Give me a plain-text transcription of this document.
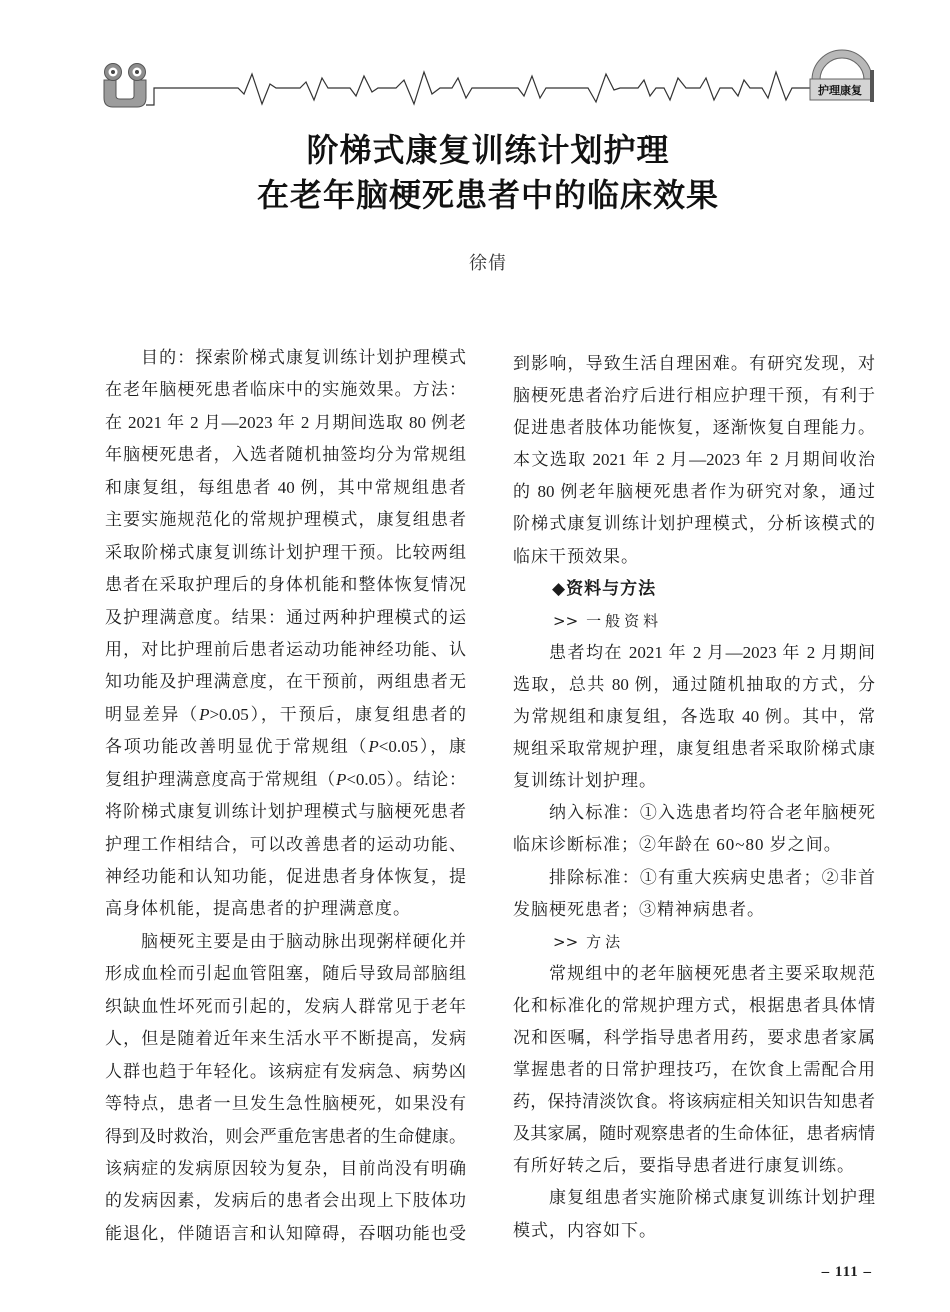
护理康复
阶梯式康复训练计划护理
在老年脑梗死患者中的临床效果
徐倩
目的：探索阶梯式康复训练计划护理模式
在老年脑梗死患者临床中的实施效果。方法：
在 2021 年 2 月—2023 年 2 月期间选取 80 例老
年脑梗死患者，入选者随机抽签均分为常规组
和康复组，每组患者 40 例，其中常规组患者
主要实施规范化的常规护理模式，康复组患者
采取阶梯式康复训练计划护理干预。比较两组
患者在采取护理后的身体机能和整体恢复情况
及护理满意度。结果：通过两种护理模式的运
用，对比护理前后患者运动功能神经功能、认
知功能及护理满意度，在干预前，两组患者无
明显差异（P>0.05），干预后，康复组患者的
各项功能改善明显优于常规组（P<0.05），康
复组护理满意度高于常规组（P<0.05）。结论：
将阶梯式康复训练计划护理模式与脑梗死患者
护理工作相结合，可以改善患者的运动功能、
神经功能和认知功能，促进患者身体恢复，提
高身体机能，提高患者的护理满意度。
脑梗死主要是由于脑动脉出现粥样硬化并
形成血栓而引起血管阻塞，随后导致局部脑组
织缺血性坏死而引起的，发病人群常见于老年
人，但是随着近年来生活水平不断提高，发病
人群也趋于年轻化。该病症有发病急、病势凶
等特点，患者一旦发生急性脑梗死，如果没有
得到及时救治，则会严重危害患者的生命健康。
该病症的发病原因较为复杂，目前尚没有明确
的发病因素，发病后的患者会出现上下肢体功
能退化，伴随语言和认知障碍，吞咽功能也受
到影响，导致生活自理困难。有研究发现，对
脑梗死患者治疗后进行相应护理干预，有利于
促进患者肢体功能恢复，逐渐恢复自理能力。
本文选取 2021 年 2 月—2023 年 2 月期间收治
的 80 例老年脑梗死患者作为研究对象，通过
阶梯式康复训练计划护理模式，分析该模式的
临床干预效果。
◆资料与方法
>> 一般资料
患者均在 2021 年 2 月—2023 年 2 月期间
选取，总共 80 例，通过随机抽取的方式，分
为常规组和康复组，各选取 40 例。其中，常
规组采取常规护理，康复组患者采取阶梯式康
复训练计划护理。
纳入标准：①入选患者均符合老年脑梗死
临床诊断标准；②年龄在 60~80 岁之间。
排除标准：①有重大疾病史患者；②非首
发脑梗死患者；③精神病患者。
>> 方法
常规组中的老年脑梗死患者主要采取规范
化和标准化的常规护理方式，根据患者具体情
况和医嘱，科学指导患者用药，要求患者家属
掌握患者的日常护理技巧，在饮食上需配合用
药，保持清淡饮食。将该病症相关知识告知患者
及其家属，随时观察患者的生命体征，患者病情
有所好转之后，要指导患者进行康复训练。
康复组患者实施阶梯式康复训练计划护理
模式，内容如下。
– 111 –
